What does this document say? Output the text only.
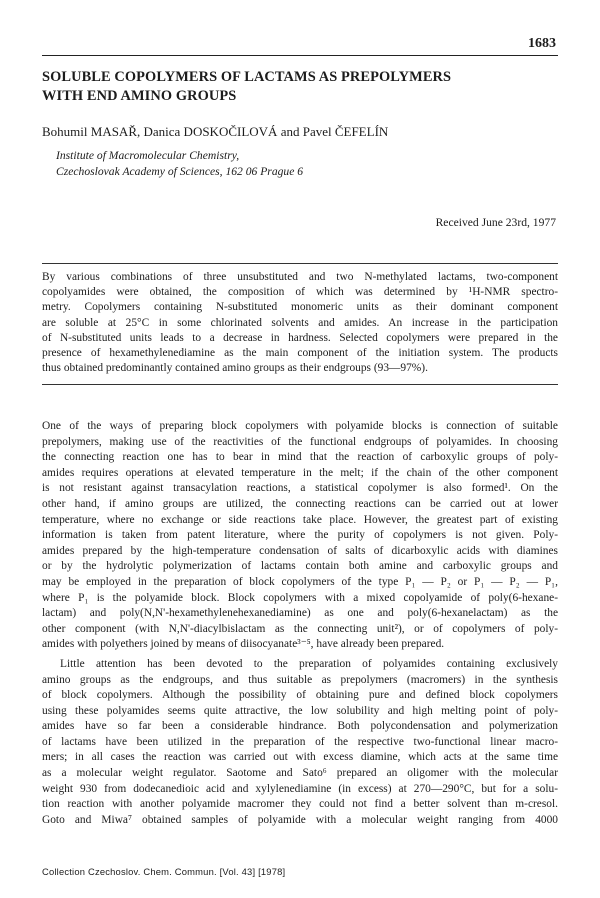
1683
SOLUBLE COPOLYMERS OF LACTAMS AS PREPOLYMERS
WITH END AMINO GROUPS
Bohumil MASAŘ, Danica DOSKOČILOVÁ and Pavel ČEFELÍN
Institute of Macromolecular Chemistry,
Czechoslovak Academy of Sciences, 162 06 Prague 6
Received June 23rd, 1977
By various combinations of three unsubstituted and two N-methylated lactams, two-component
copolyamides were obtained, the composition of which was determined by ¹H-NMR spectro-
metry. Copolymers containing N-substituted monomeric units as their dominant component
are soluble at 25°C in some chlorinated solvents and amides. An increase in the participation
of N-substituted units leads to a decrease in hardness. Selected copolymers were prepared in the
presence of hexamethylenediamine as the main component of the initiation system. The products
thus obtained predominantly contained amino groups as their endgroups (93—97%).
One of the ways of preparing block copolymers with polyamide blocks is connection of suitable
prepolymers, making use of the reactivities of the functional endgroups of polyamides. In choosing
the connecting reaction one has to bear in mind that the reaction of carboxylic groups of poly-
amides requires operations at elevated temperature in the melt; if the chain of the other component
is not resistant against transacylation reactions, a statistical copolymer is also formed¹. On the
other hand, if amino groups are utilized, the connecting reactions can be carried out at lower
temperature, where no exchange or side reactions take place. However, the greatest part of existing
information is taken from patent literature, where the purity of copolymers is not given. Poly-
amides prepared by the high-temperature condensation of salts of dicarboxylic acids with diamines
or by the hydrolytic polymerization of lactams contain both amine and carboxylic groups and
may be employed in the preparation of block copolymers of the type P₁ — P₂ or P₁ — P₂ — P₁,
where P₁ is the polyamide block. Block copolymers with a mixed copolyamide of poly(6-hexane-
lactam) and poly(N,N'-hexamethylenehexanediamine) as one and poly(6-hexanelactam) as the
other component (with N,N'-diacylbislactam as the connecting unit²), or of copolymers of poly-
amides with polyethers joined by means of diisocyanate³⁻⁵, have already been prepared.
Little attention has been devoted to the preparation of polyamides containing exclusively
amino groups as the endgroups, and thus suitable as prepolymers (macromers) in the synthesis
of block copolymers. Although the possibility of obtaining pure and defined block copolymers
using these polyamides seems quite attractive, the low solubility and high melting point of poly-
amides have so far been a considerable hindrance. Both polycondensation and polymerization
of lactams have been utilized in the preparation of the respective two-functional linear macro-
mers; in all cases the reaction was carried out with excess diamine, which acts at the same time
as a molecular weight regulator. Saotome and Sato⁶ prepared an oligomer with the molecular
weight 930 from dodecanedioic acid and xylylenediamine (in excess) at 270—290°C, but for a solu-
tion reaction with another polyamide macromer they could not find a better solvent than m-cresol.
Goto and Miwa⁷ obtained samples of polyamide with a molecular weight ranging from 4000
Collection Czechoslov. Chem. Commun. [Vol. 43] [1978]
